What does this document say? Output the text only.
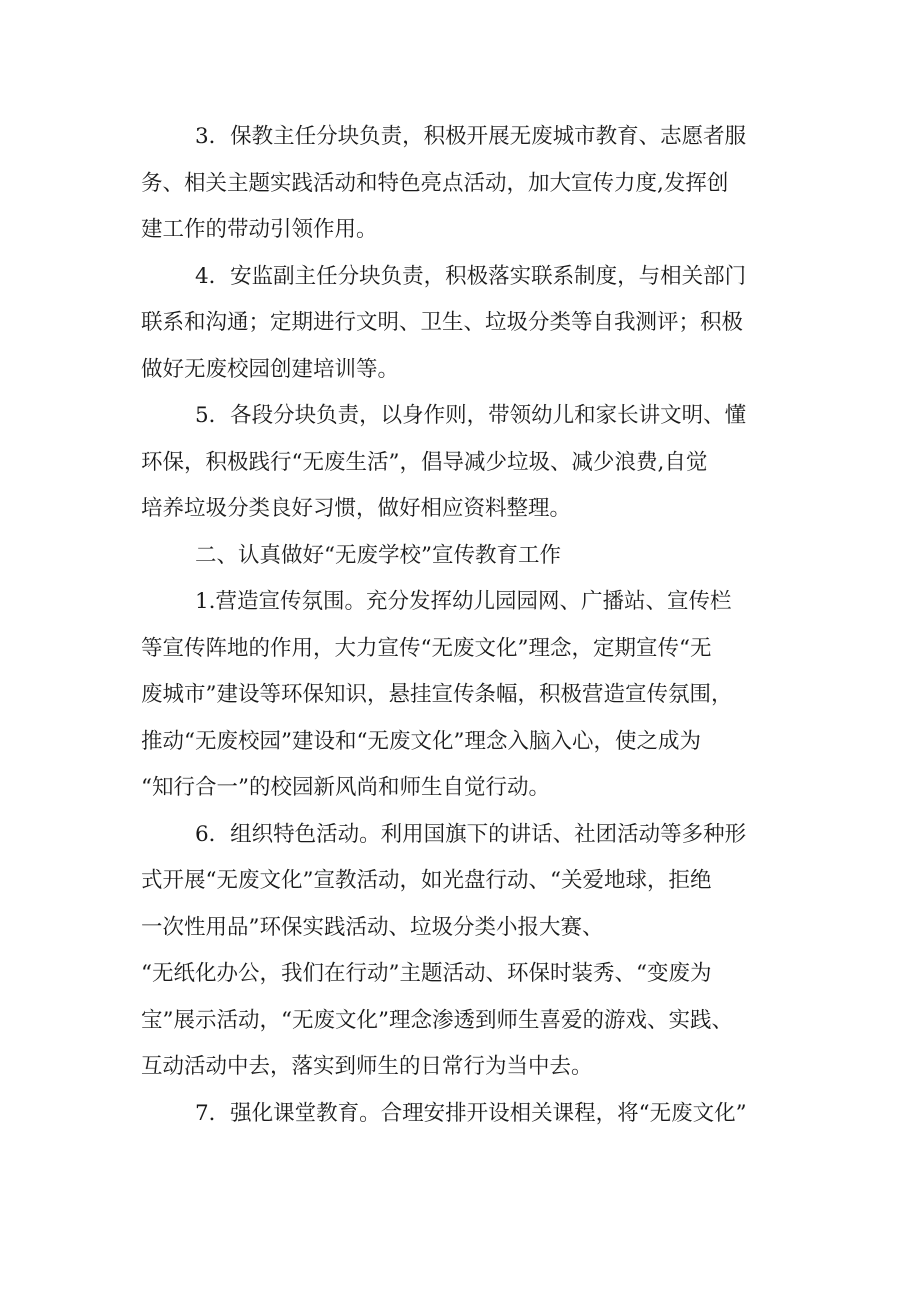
3．保教主任分块负责，积极开展无废城市教育、志愿者服
务、相关主题实践活动和特色亮点活动，加大宣传力度,发挥创
建工作的带动引领作用。
4．安监副主任分块负责，积极落实联系制度，与相关部门
联系和沟通；定期进行文明、卫生、垃圾分类等自我测评；积极
做好无废校园创建培训等。
5．各段分块负责，以身作则，带领幼儿和家长讲文明、懂
环保，积极践行“无废生活”，倡导减少垃圾、减少浪费,自觉
培养垃圾分类良好习惯，做好相应资料整理。
二、认真做好“无废学校”宣传教育工作
1.营造宣传氛围。充分发挥幼儿园园网、广播站、宣传栏
等宣传阵地的作用，大力宣传“无废文化”理念，定期宣传“无
废城市”建设等环保知识，悬挂宣传条幅，积极营造宣传氛围，
推动“无废校园”建设和“无废文化”理念入脑入心，使之成为
“知行合一”的校园新风尚和师生自觉行动。
6．组织特色活动。利用国旗下的讲话、社团活动等多种形
式开展“无废文化”宣教活动，如光盘行动、“关爱地球，拒绝
一次性用品”环保实践活动、垃圾分类小报大赛、
“无纸化办公，我们在行动”主题活动、环保时装秀、“变废为
宝”展示活动，“无废文化”理念渗透到师生喜爱的游戏、实践、
互动活动中去，落实到师生的日常行为当中去。
7．强化课堂教育。合理安排开设相关课程，将“无废文化”
